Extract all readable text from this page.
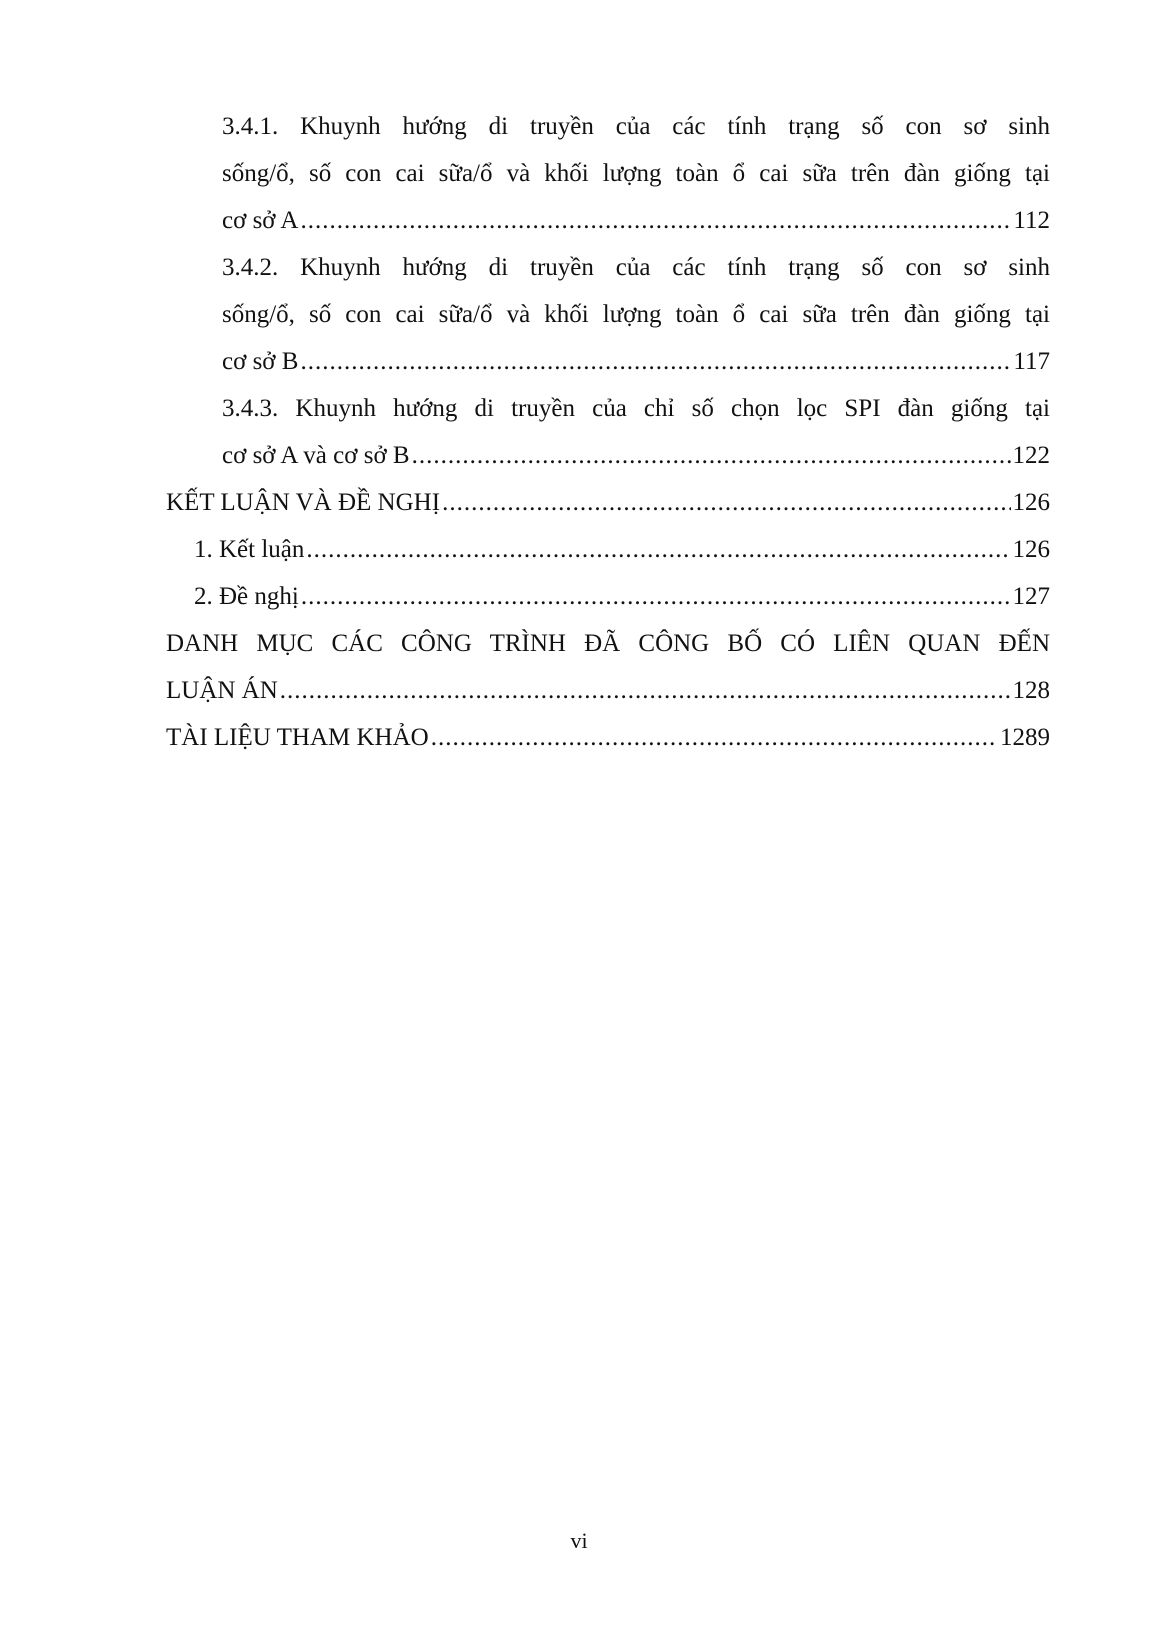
3.4.1. Khuynh hướng di truyền của các tính trạng số con sơ sinh
sống/ổ, số con cai sữa/ổ và khối lượng toàn ổ cai sữa trên đàn giống tại
cơ sở A .....	112
3.4.2. Khuynh hướng di truyền của các tính trạng số con sơ sinh
sống/ổ, số con cai sữa/ổ và khối lượng toàn ổ cai sữa trên đàn giống tại
cơ sở B .....	117
3.4.3. Khuynh hướng di truyền của chỉ số chọn lọc SPI đàn giống tại
cơ sở A và cơ sở B .....	122
KẾT LUẬN VÀ ĐỀ NGHỊ .....	126
1. Kết luận .....	126
2. Đề nghị .....	127
DANH MỤC CÁC CÔNG TRÌNH ĐÃ CÔNG BỐ CÓ LIÊN QUAN ĐẾN
LUẬN ÁN .....	128
TÀI LIỆU THAM KHẢO .....	1289
vi
